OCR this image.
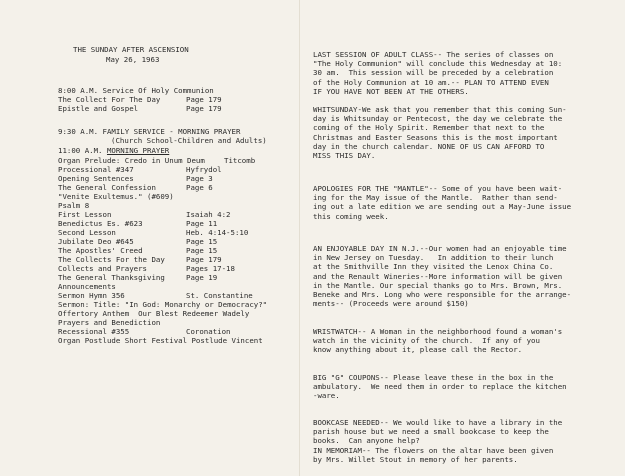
THE SUNDAY AFTER ASCENSION
May 26, 1963
8:00 A.M. Service Of Holy Communion
The Collect For The Day	Page 179
Epistle and Gospel	Page 179
9:30 A.M. FAMILY SERVICE - MORNING PRAYER
(Church School-Children and Adults)
11:00 A.M. MORNING PRAYER
Organ Prelude: Credo in Unum Deum	Titcomb
Processional #347	Hyfrydol
Opening Sentences	Page 3
The General Confession	Page 6
"Venite Exultemus." (#609)
Psalm 8
First Lesson	Isaiah 4:2
Benedictus Es. #623	Page 11
Second Lesson	Heb. 4:14-5:10
Jubilate Deo #645	Page 15
The Apostles' Creed	Page 15
The Collects For the Day	Page 179
Collects and Prayers	Pages 17-18
The General Thanksgiving	Page 19
Announcements
Sermon Hymn 356	St. Constantine
Sermon: Title: "In God: Monarchy or Democracy?"
Offertory Anthem  Our Blest Redeemer Wadely
Prayers and Benediction
Recessional #355	Coronation
Organ Postlude Short Festival Postlude Vincent
LAST SESSION OF ADULT CLASS-- The series of classes on
"The Holy Communion" will conclude this Wednesday at 10:
30 am.  This session will be preceded by a celebration
of the Holy Communion at 10 am.-- PLAN TO ATTEND EVEN
IF YOU HAVE NOT BEEN AT THE OTHERS.
WHITSUNDAY-We ask that you remember that this coming Sun-
day is Whitsunday or Pentecost, the day we celebrate the
coming of the Holy Spirit. Remember that next to the
Christmas and Easter Seasons this is the most important
day in the church calendar. NONE OF US CAN AFFORD TO
MISS THIS DAY.
APOLOGIES FOR THE "MANTLE"-- Some of you have been wait-
ing for the May issue of the Mantle.  Rather than send-
ing out a late edition we are sending out a May-June issue
this coming week.
AN ENJOYABLE DAY IN N.J.--Our women had an enjoyable time
in New Jersey on Tuesday.   In addition to their lunch
at the Smithville Inn they visited the Lenox China Co.
and the Renault Wineries--More information will be given
in the Mantle. Our special thanks go to Mrs. Brown, Mrs.
Beneke and Mrs. Long who were responsible for the arrange-
ments-- (Proceeds were around $150)
WRISTWATCH-- A Woman in the neighborhood found a woman's
watch in the vicinity of the church.  If any of you
know anything about it, please call the Rector.
BIG "G" COUPONS-- Please leave these in the box in the
ambulatory.  We need them in order to replace the kitchen
-ware.
BOOKCASE NEEDED-- We would like to have a library in the
parish house but we need a small bookcase to keep the
books.  Can anyone help?
IN MEMORIAM-- The flowers on the altar have been given
by Mrs. Willet Stout in memory of her parents.
